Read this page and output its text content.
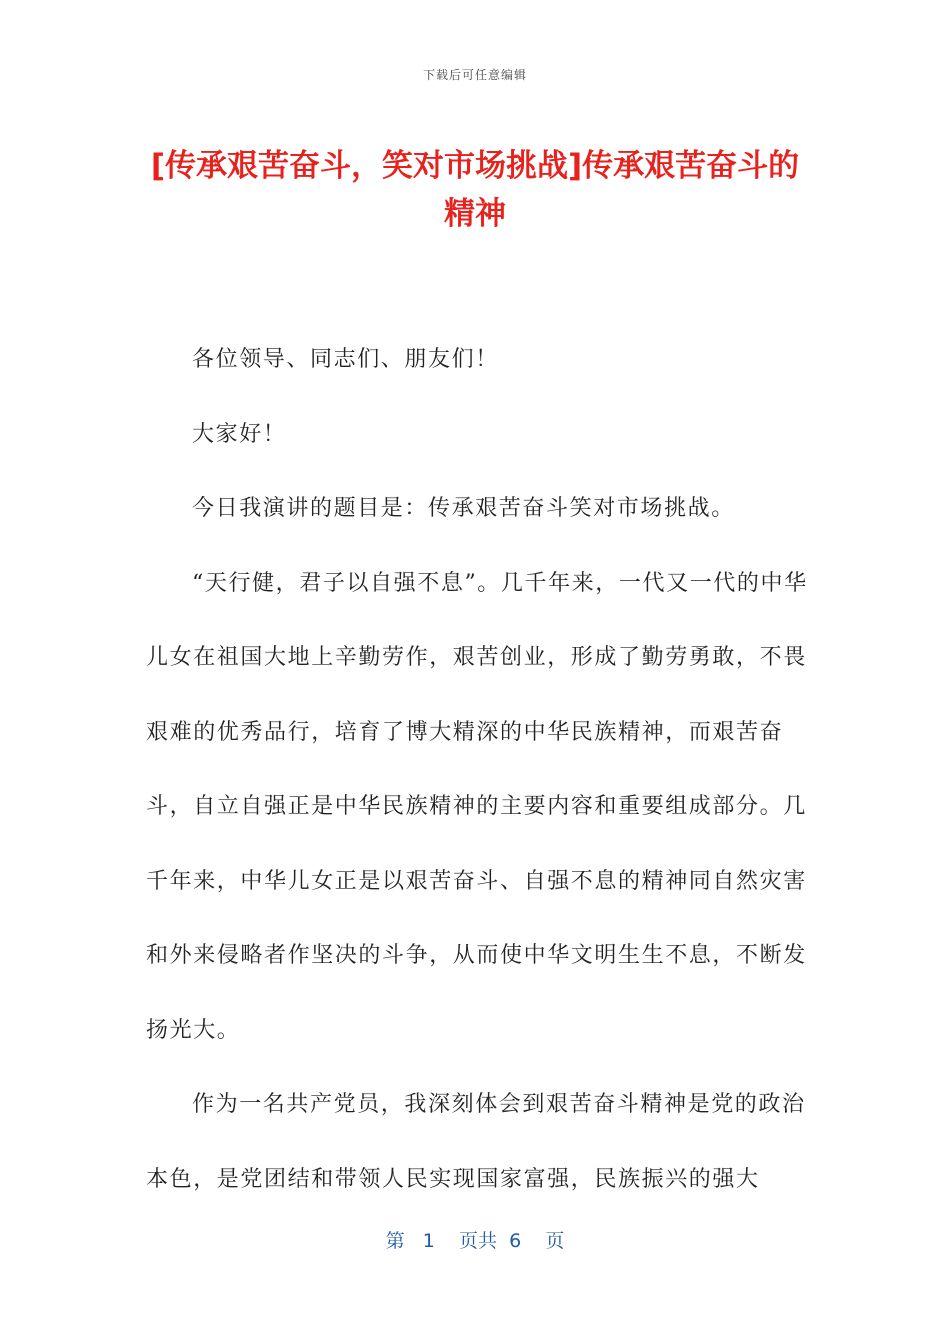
下载后可任意编辑
[传承艰苦奋斗，笑对市场挑战]传承艰苦奋斗的精神

各位领导、同志们、朋友们！

大家好！

今日我演讲的题目是：传承艰苦奋斗笑对市场挑战。

“天行健，君子以自强不息”。几千年来，一代又一代的中华儿女在祖国大地上辛勤劳作，艰苦创业，形成了勤劳勇敢，不畏艰难的优秀品行，培育了博大精深的中华民族精神，而艰苦奋斗，自立自强正是中华民族精神的主要内容和重要组成部分。几千年来，中华儿女正是以艰苦奋斗、自强不息的精神同自然灾害和外来侵略者作坚决的斗争，从而使中华文明生生不息，不断发扬光大。

作为一名共产党员，我深刻体会到艰苦奋斗精神是党的政治本色，是党团结和带领人民实现国家富强，民族振兴的强大

第 1 页共 6 页
